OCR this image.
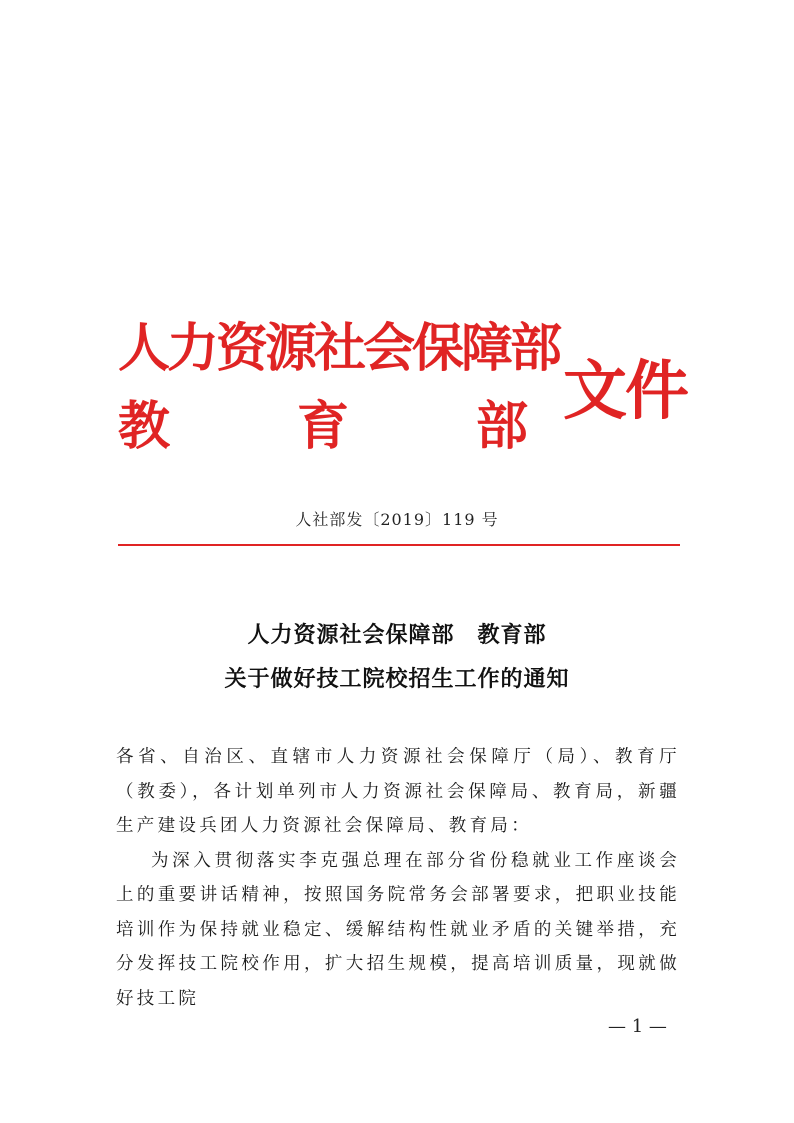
人力资源社会保障部
教 育 部 文件
人社部发〔2019〕119 号
人力资源社会保障部　教育部
关于做好技工院校招生工作的通知

各省、自治区、直辖市人力资源社会保障厅（局）、教育厅（教委），各计划单列市人力资源社会保障局、教育局，新疆生产建设兵团人力资源社会保障局、教育局：

为深入贯彻落实李克强总理在部分省份稳就业工作座谈会上的重要讲话精神，按照国务院常务会部署要求，把职业技能培训作为保持就业稳定、缓解结构性就业矛盾的关键举措，充分发挥技工院校作用，扩大招生规模，提高培训质量，现就做好技工院

— 1 —
